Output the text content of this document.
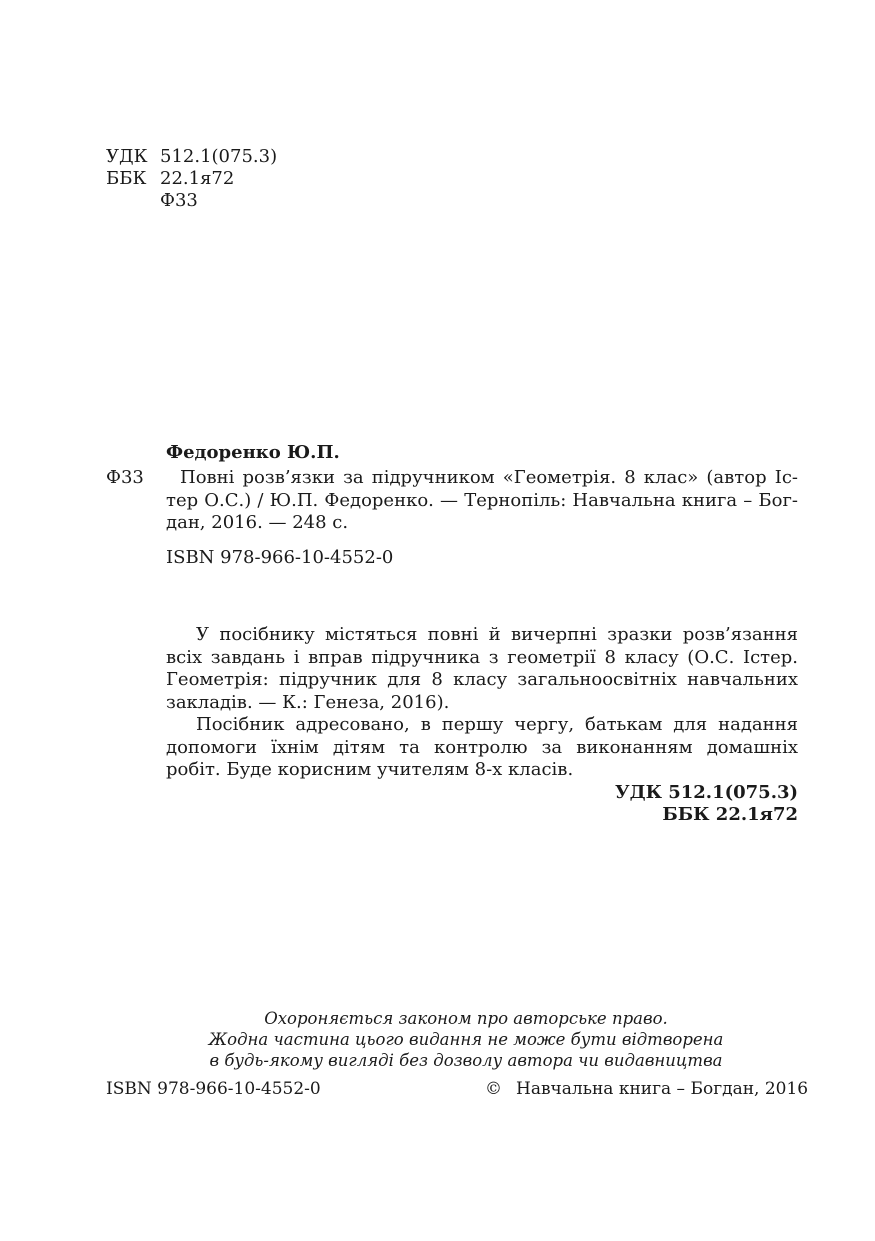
УДК 512.1(075.3)
ББК 22.1я72
Ф33
Федоренко Ю.П.
Ф33	Повні розв’язки за підручником «Геометрія. 8 клас» (автор Істер О.С.) / Ю.П. Федоренко. — Тернопіль: Навчальна книга – Богдан, 2016. — 248 с.
ISBN 978-966-10-4552-0

У посібнику містяться повні й вичерпні зразки розв’язання всіх завдань і вправ підручника з геометрії 8 класу (О.С. Істер. Геометрія: підручник для 8 класу загальноосвітніх навчальних закладів. — К.: Генеза, 2016).

Посібник адресовано, в першу чергу, батькам для надання допомоги їхнім дітям та контролю за виконанням домашніх робіт. Буде корисним учителям 8-х класів.

УДК 512.1(075.3)
ББК 22.1я72
Охороняється законом про авторське право.
Жодна частина цього видання не може бути відтворена
в будь-якому вигляді без дозволу автора чи видавництва
ISBN 978-966-10-4552-0	© Навчальна книга – Богдан, 2016
